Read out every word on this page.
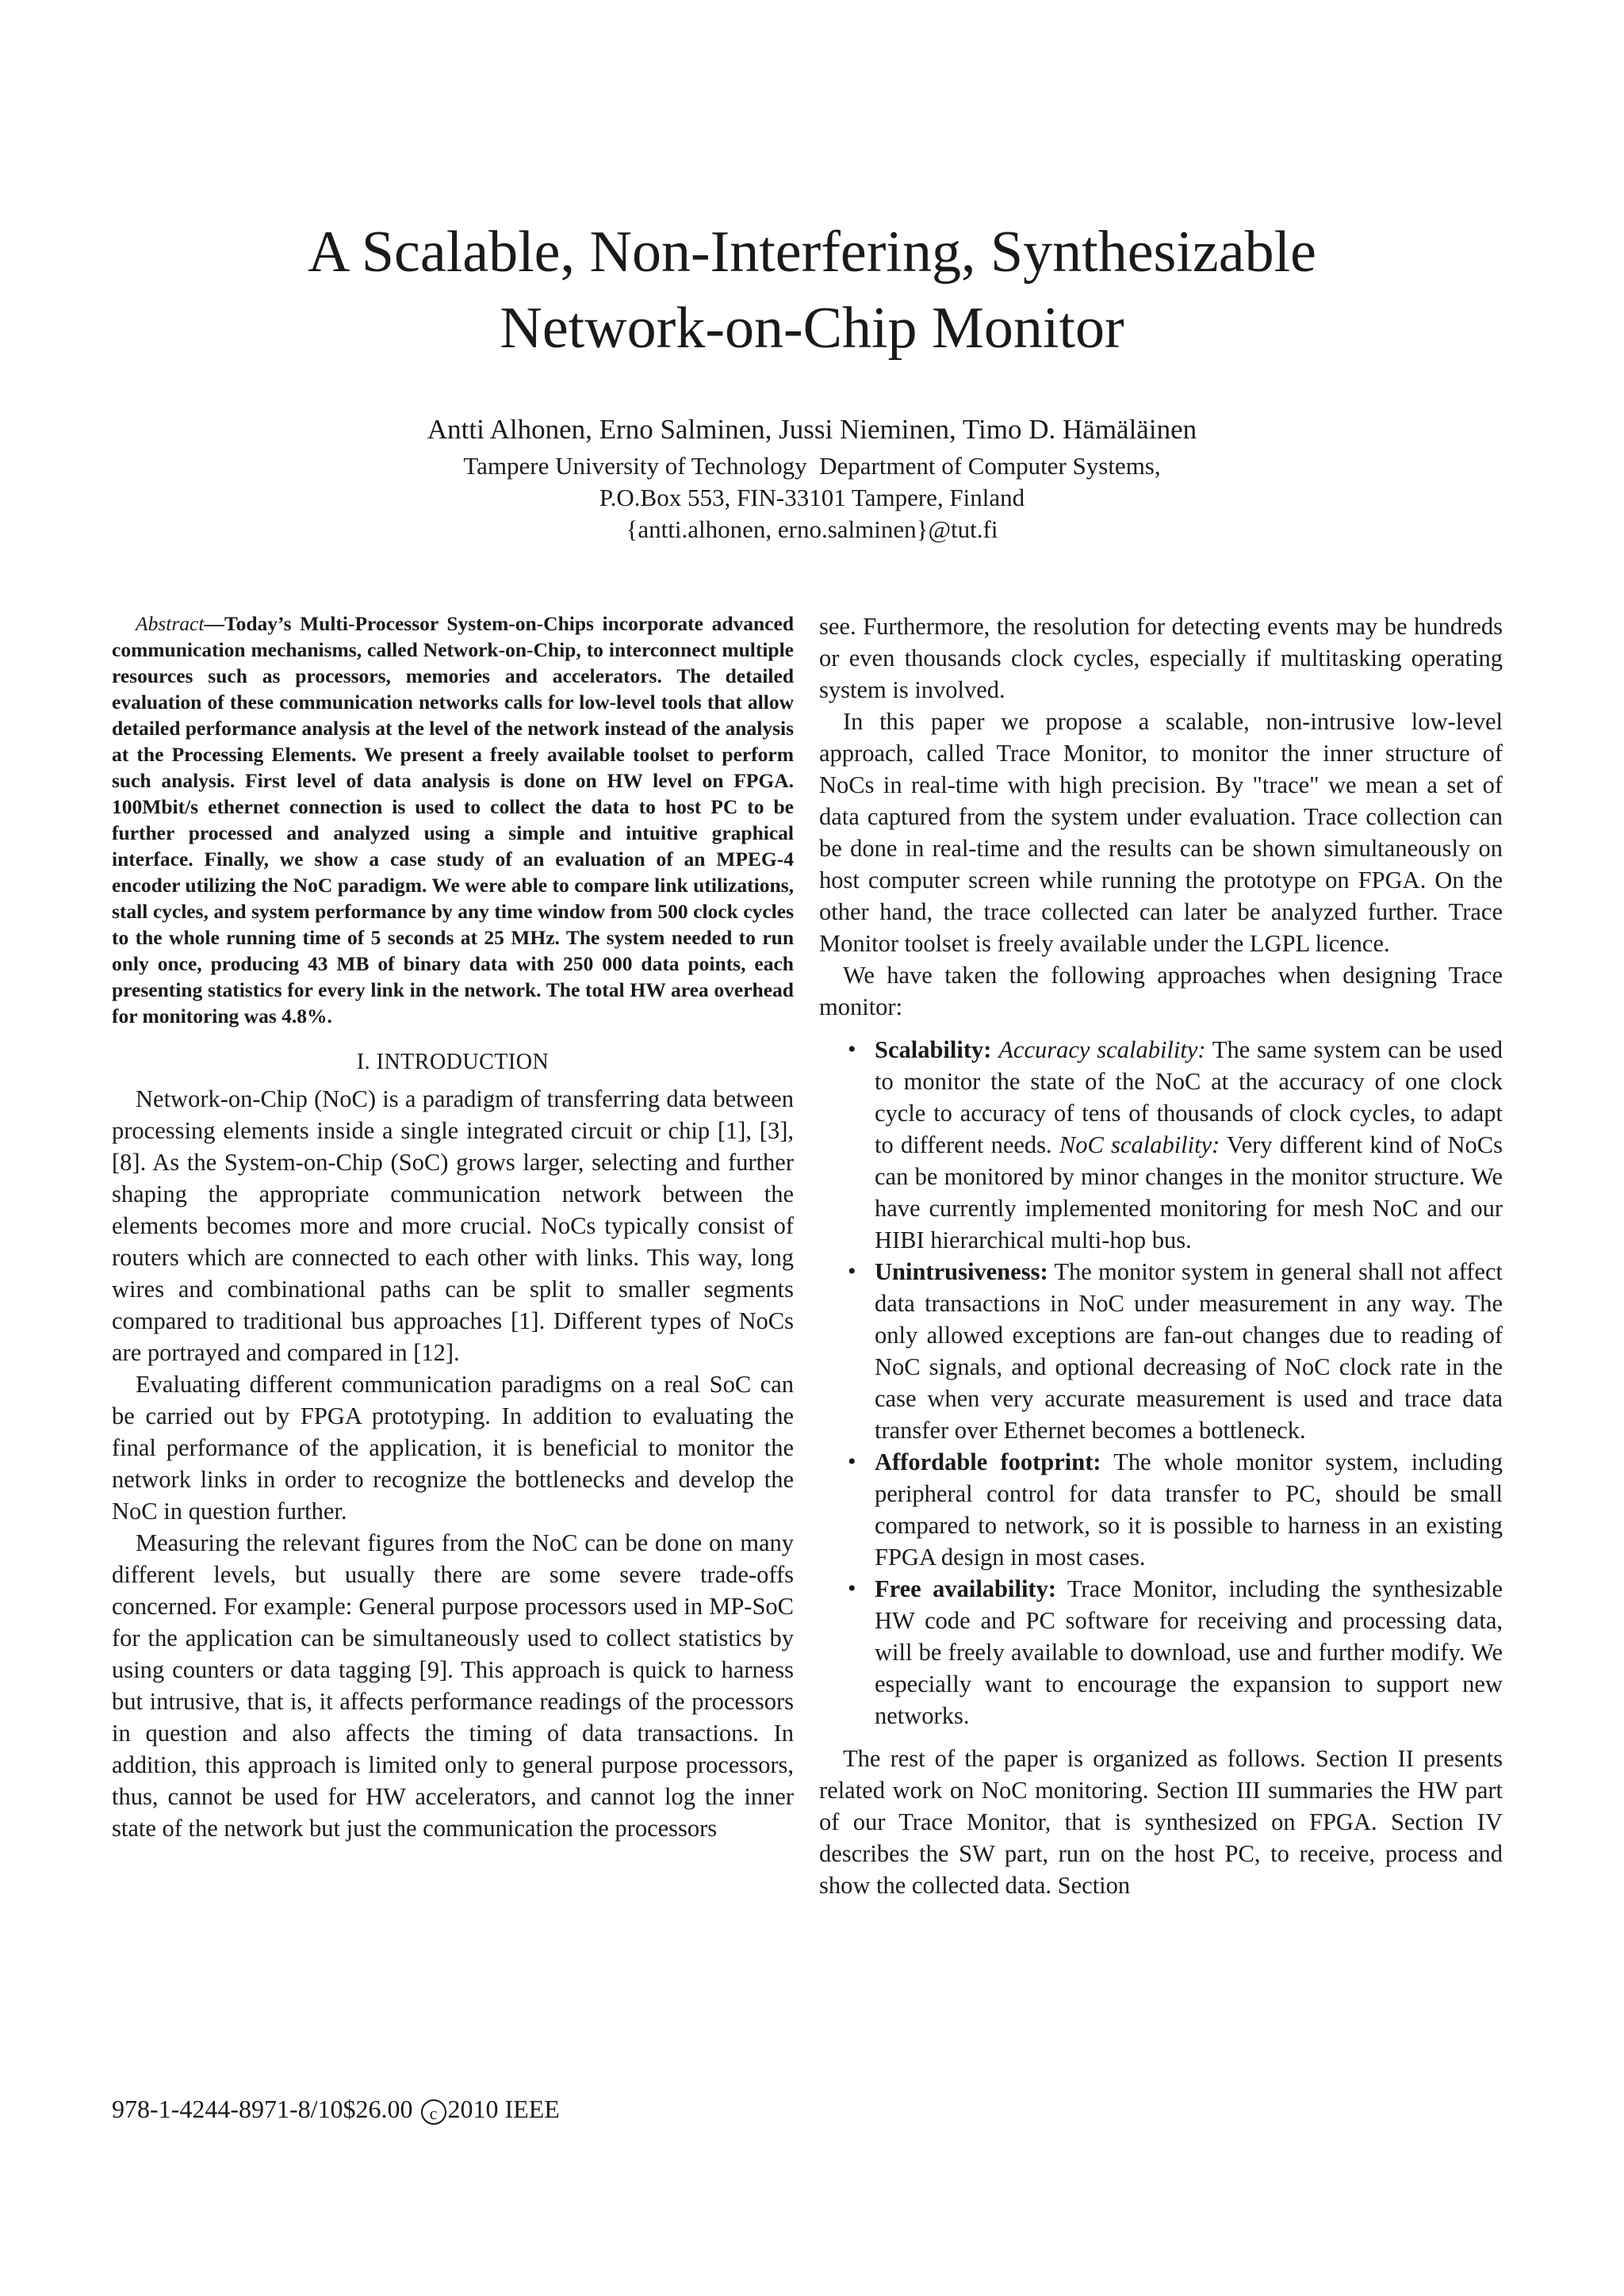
A Scalable, Non-Interfering, Synthesizable
Network-on-Chip Monitor
Antti Alhonen, Erno Salminen, Jussi Nieminen, Timo D. Hämäläinen
Tampere University of Technology  Department of Computer Systems,
P.O.Box 553, FIN-33101 Tampere, Finland
{antti.alhonen, erno.salminen}@tut.fi

Abstract—Today’s Multi-Processor System-on-Chips incorporate advanced communication mechanisms, called Network-on-Chip, to interconnect multiple resources such as processors, memories and accelerators. The detailed evaluation of these communication networks calls for low-level tools that allow detailed performance analysis at the level of the network instead of the analysis at the Processing Elements. We present a freely available toolset to perform such analysis. First level of data analysis is done on HW level on FPGA. 100Mbit/s ethernet connection is used to collect the data to host PC to be further processed and analyzed using a simple and intuitive graphical interface. Finally, we show a case study of an evaluation of an MPEG-4 encoder utilizing the NoC paradigm. We were able to compare link utilizations, stall cycles, and system performance by any time window from 500 clock cycles to the whole running time of 5 seconds at 25 MHz. The system needed to run only once, producing 43 MB of binary data with 250 000 data points, each presenting statistics for every link in the network. The total HW area overhead for monitoring was 4.8%.

I. INTRODUCTION

Network-on-Chip (NoC) is a paradigm of transferring data between processing elements inside a single integrated circuit or chip [1], [3], [8]. As the System-on-Chip (SoC) grows larger, selecting and further shaping the appropriate communication network between the elements becomes more and more crucial. NoCs typically consist of routers which are connected to each other with links. This way, long wires and combinational paths can be split to smaller segments compared to traditional bus approaches [1]. Different types of NoCs are portrayed and compared in [12].

Evaluating different communication paradigms on a real SoC can be carried out by FPGA prototyping. In addition to evaluating the final performance of the application, it is beneficial to monitor the network links in order to recognize the bottlenecks and develop the NoC in question further.

Measuring the relevant figures from the NoC can be done on many different levels, but usually there are some severe trade-offs concerned. For example: General purpose processors used in MP-SoC for the application can be simultaneously used to collect statistics by using counters or data tagging [9]. This approach is quick to harness but intrusive, that is, it affects performance readings of the processors in question and also affects the timing of data transactions. In addition, this approach is limited only to general purpose processors, thus, cannot be used for HW accelerators, and cannot log the inner state of the network but just the communication the processors

see. Furthermore, the resolution for detecting events may be hundreds or even thousands clock cycles, especially if multitasking operating system is involved.

In this paper we propose a scalable, non-intrusive low-level approach, called Trace Monitor, to monitor the inner structure of NoCs in real-time with high precision. By "trace" we mean a set of data captured from the system under evaluation. Trace collection can be done in real-time and the results can be shown simultaneously on host computer screen while running the prototype on FPGA. On the other hand, the trace collected can later be analyzed further. Trace Monitor toolset is freely available under the LGPL licence.

We have taken the following approaches when designing Trace monitor:

• Scalability: Accuracy scalability: The same system can be used to monitor the state of the NoC at the accuracy of one clock cycle to accuracy of tens of thousands of clock cycles, to adapt to different needs. NoC scalability: Very different kind of NoCs can be monitored by minor changes in the monitor structure. We have currently implemented monitoring for mesh NoC and our HIBI hierarchical multi-hop bus.
• Unintrusiveness: The monitor system in general shall not affect data transactions in NoC under measurement in any way. The only allowed exceptions are fan-out changes due to reading of NoC signals, and optional decreasing of NoC clock rate in the case when very accurate measurement is used and trace data transfer over Ethernet becomes a bottleneck.
• Affordable footprint: The whole monitor system, including peripheral control for data transfer to PC, should be small compared to network, so it is possible to harness in an existing FPGA design in most cases.
• Free availability: Trace Monitor, including the synthesizable HW code and PC software for receiving and processing data, will be freely available to download, use and further modify. We especially want to encourage the expansion to support new networks.

The rest of the paper is organized as follows. Section II presents related work on NoC monitoring. Section III summaries the HW part of our Trace Monitor, that is synthesized on FPGA. Section IV describes the SW part, run on the host PC, to receive, process and show the collected data. Section

978-1-4244-8971-8/10$26.00 c 2010 IEEE
